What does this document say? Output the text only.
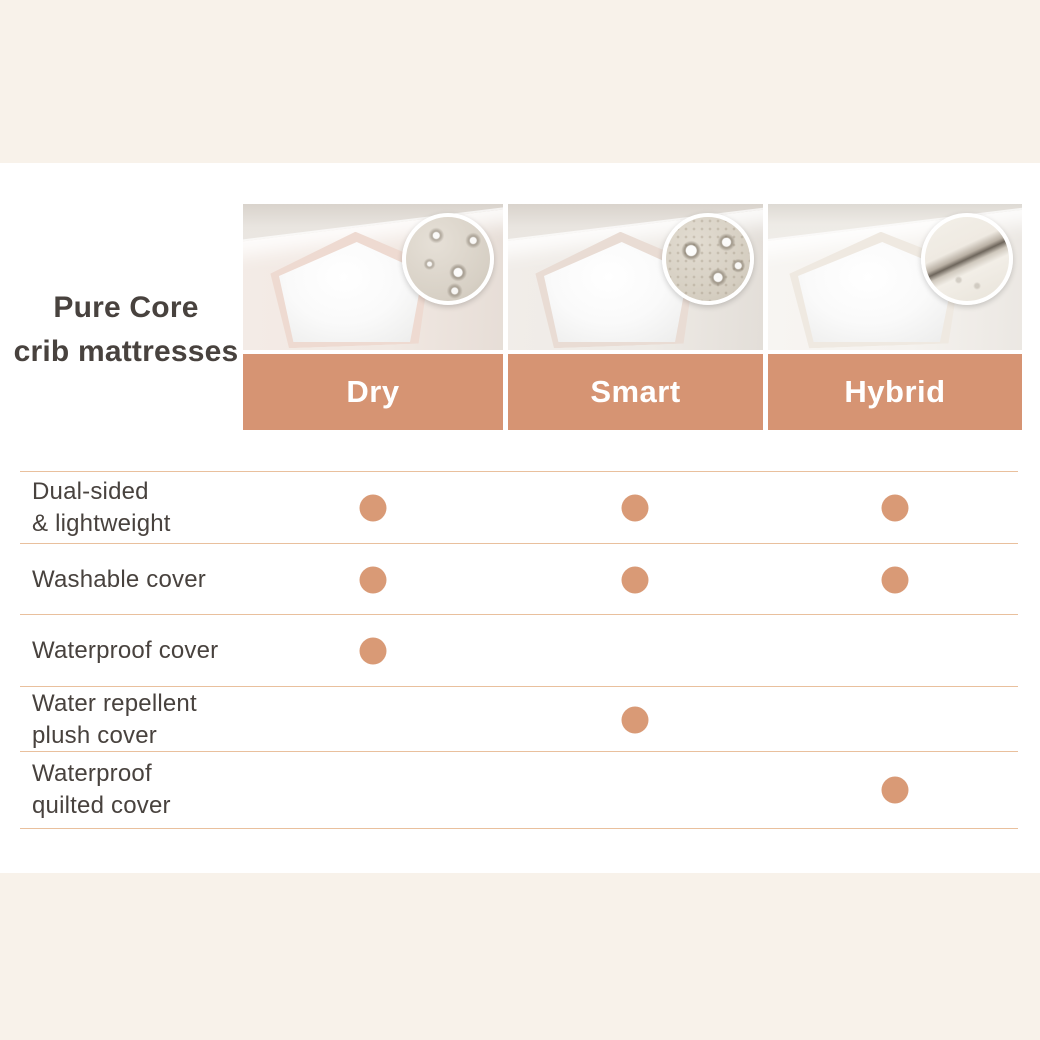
Pure Core
crib mattresses
Dry	Smart	Hybrid
Dual-sided
& lightweight
Washable cover
Waterproof cover
Water repellent
plush cover
Waterproof
quilted cover
